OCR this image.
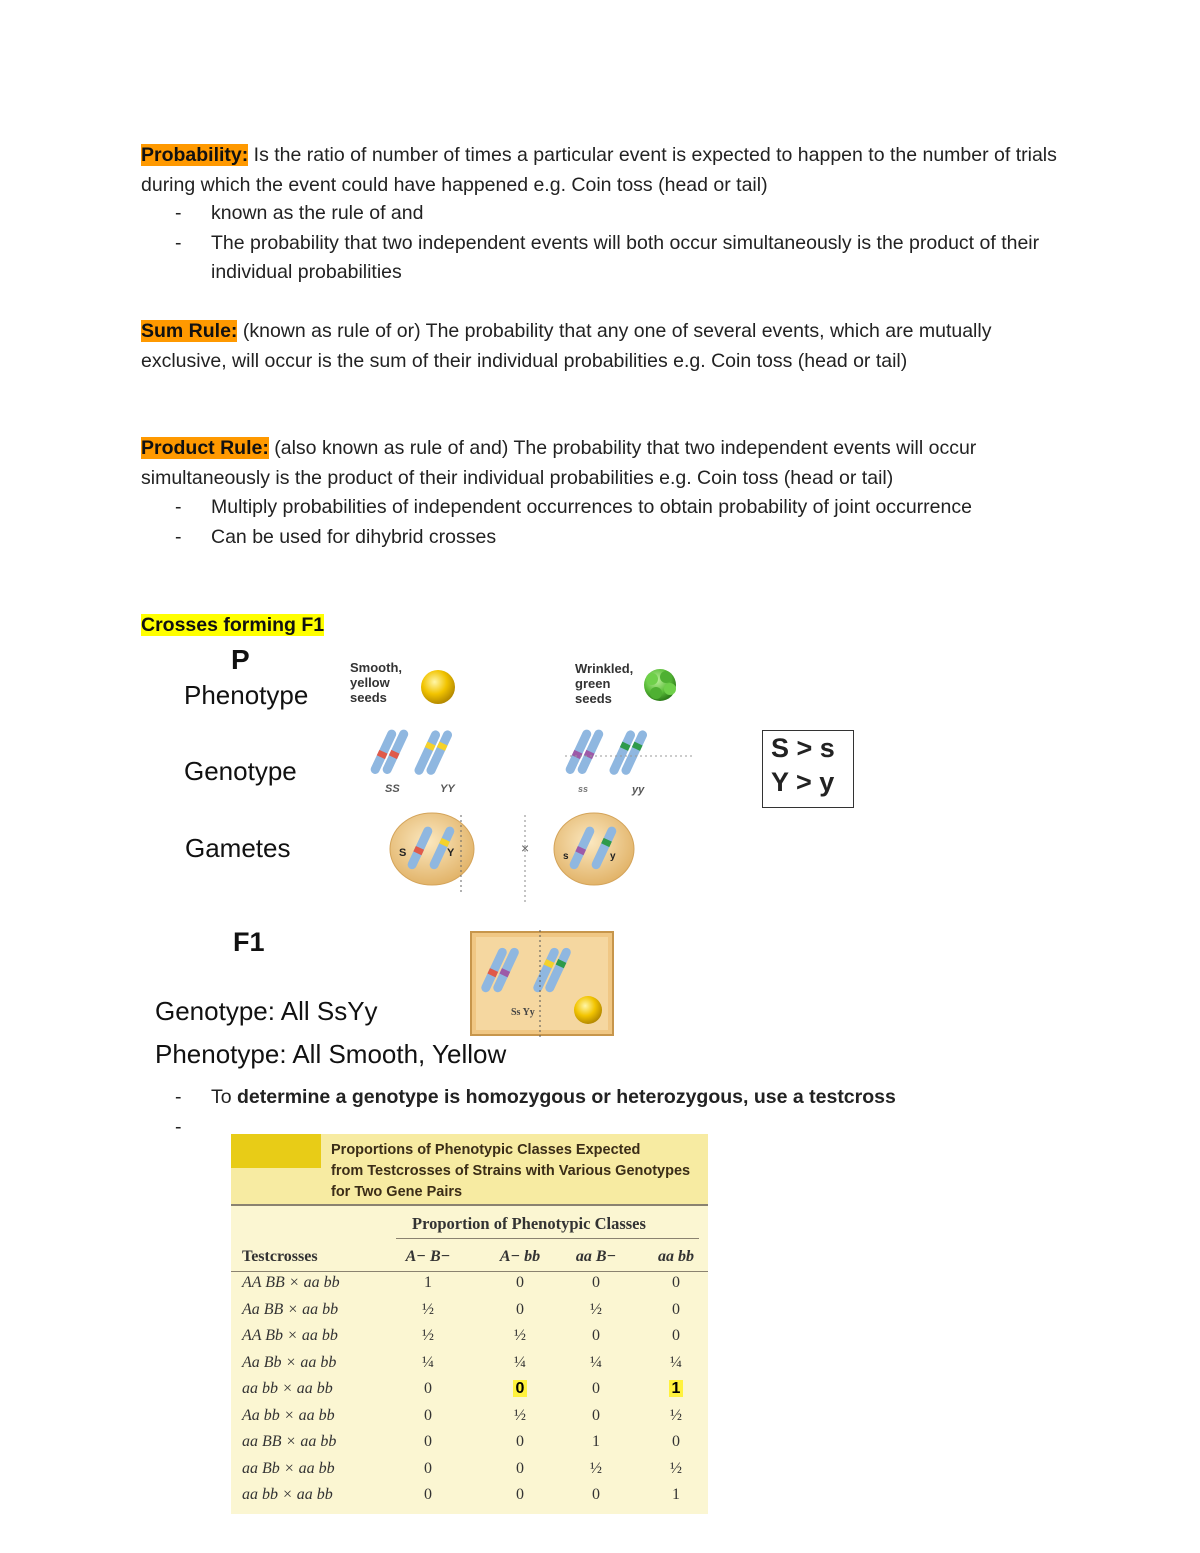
Probability: Is the ratio of number of times a particular event is expected to happen to the number of trials during which the event could have happened e.g. Coin toss (head or tail)
- known as the rule of and
- The probability that two independent events will both occur simultaneously is the product of their individual probabilities
Sum Rule: (known as rule of or) The probability that any one of several events, which are mutually exclusive, will occur is the sum of their individual probabilities e.g. Coin toss (head or tail)
Product Rule: (also known as rule of and) The probability that two independent events will occur simultaneously is the product of their individual probabilities e.g. Coin toss (head or tail)
- Multiply probabilities of independent occurrences to obtain probability of joint occurrence
- Can be used for dihybrid crosses
Crosses forming F1
P
Phenotype
Genotype
Gametes
Smooth,
yellow
seeds
Wrinkled,
green
seeds
SS	YY	ss	yy
S	Y	s	y
×
S > s
Y > y
F1
Ss Yy
Genotype: All SsYy
Phenotype: All Smooth, Yellow
- To determine a genotype is homozygous or heterozygous, use a testcross
-
Proportions of Phenotypic Classes Expected
from Testcrosses of Strains with Various Genotypes
for Two Gene Pairs
Proportion of Phenotypic Classes
Testcrosses	A− B−	A− bb	aa B−	aa bb
AA BB × aa bb	1	0	0	0
Aa BB × aa bb	½	0	½	0
AA Bb × aa bb	½	½	0	0
Aa Bb × aa bb	¼	¼	¼	¼
aa bb × aa bb	0	0	0	1
Aa bb × aa bb	0	½	0	½
aa BB × aa bb	0	0	1	0
aa Bb × aa bb	0	0	½	½
aa bb × aa bb	0	0	0	1
